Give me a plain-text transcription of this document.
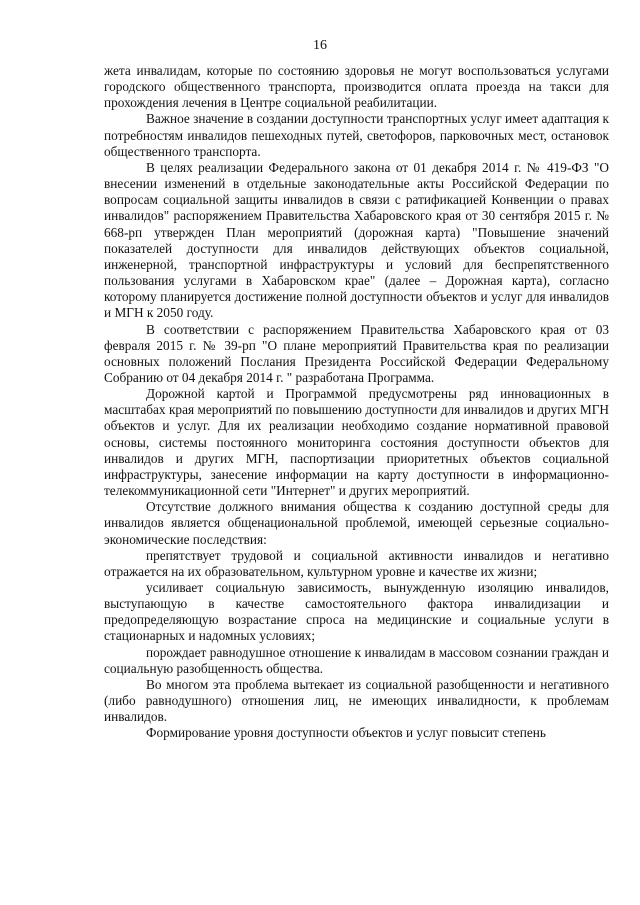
16

жета инвалидам, которые по состоянию здоровья не могут воспользоваться услугами городского общественного транспорта, производится оплата проезда на такси для прохождения лечения в Центре социальной реабилитации.

Важное значение в создании доступности транспортных услуг имеет адаптация к потребностям инвалидов пешеходных путей, светофоров, парковочных мест, остановок общественного транспорта.

В целях реализации Федерального закона от 01 декабря 2014 г. № 419-ФЗ "О внесении изменений в отдельные законодательные акты Российской Федерации по вопросам социальной защиты инвалидов в связи с ратификацией Конвенции о правах инвалидов" распоряжением Правительства Хабаровского края от 30 сентября 2015 г. № 668-рп утвержден План мероприятий (дорожная карта) "Повышение значений показателей доступности для инвалидов действующих объектов социальной, инженерной, транспортной инфраструктуры и условий для беспрепятственного пользования услугами в Хабаровском крае" (далее – Дорожная карта), согласно которому планируется достижение полной доступности объектов и услуг для инвалидов и МГН к 2050 году.

В соответствии с распоряжением Правительства Хабаровского края от 03 февраля 2015 г. № 39-рп "О плане мероприятий Правительства края по реализации основных положений Послания Президента Российской Федерации Федеральному Собранию от 04 декабря 2014 г. " разработана Программа.

Дорожной картой и Программой предусмотрены ряд инновационных в масштабах края мероприятий по повышению доступности для инвалидов и других МГН объектов и услуг. Для их реализации необходимо создание нормативной правовой основы, системы постоянного мониторинга состояния доступности объектов для инвалидов и других МГН, паспортизации приоритетных объектов социальной инфраструктуры, занесение информации на карту доступности в информационно-телекоммуникационной сети "Интернет" и других мероприятий.

Отсутствие должного внимания общества к созданию доступной среды для инвалидов является общенациональной проблемой, имеющей серьезные социально-экономические последствия:

препятствует трудовой и социальной активности инвалидов и негативно отражается на их образовательном, культурном уровне и качестве их жизни;

усиливает социальную зависимость, вынужденную изоляцию инвалидов, выступающую в качестве самостоятельного фактора инвалидизации и предопределяющую возрастание спроса на медицинские и социальные услуги в стационарных и надомных условиях;

порождает равнодушное отношение к инвалидам в массовом сознании граждан и социальную разобщенность общества.

Во многом эта проблема вытекает из социальной разобщенности и негативного (либо равнодушного) отношения лиц, не имеющих инвалидности, к проблемам инвалидов.

Формирование уровня доступности объектов и услуг повысит степень
